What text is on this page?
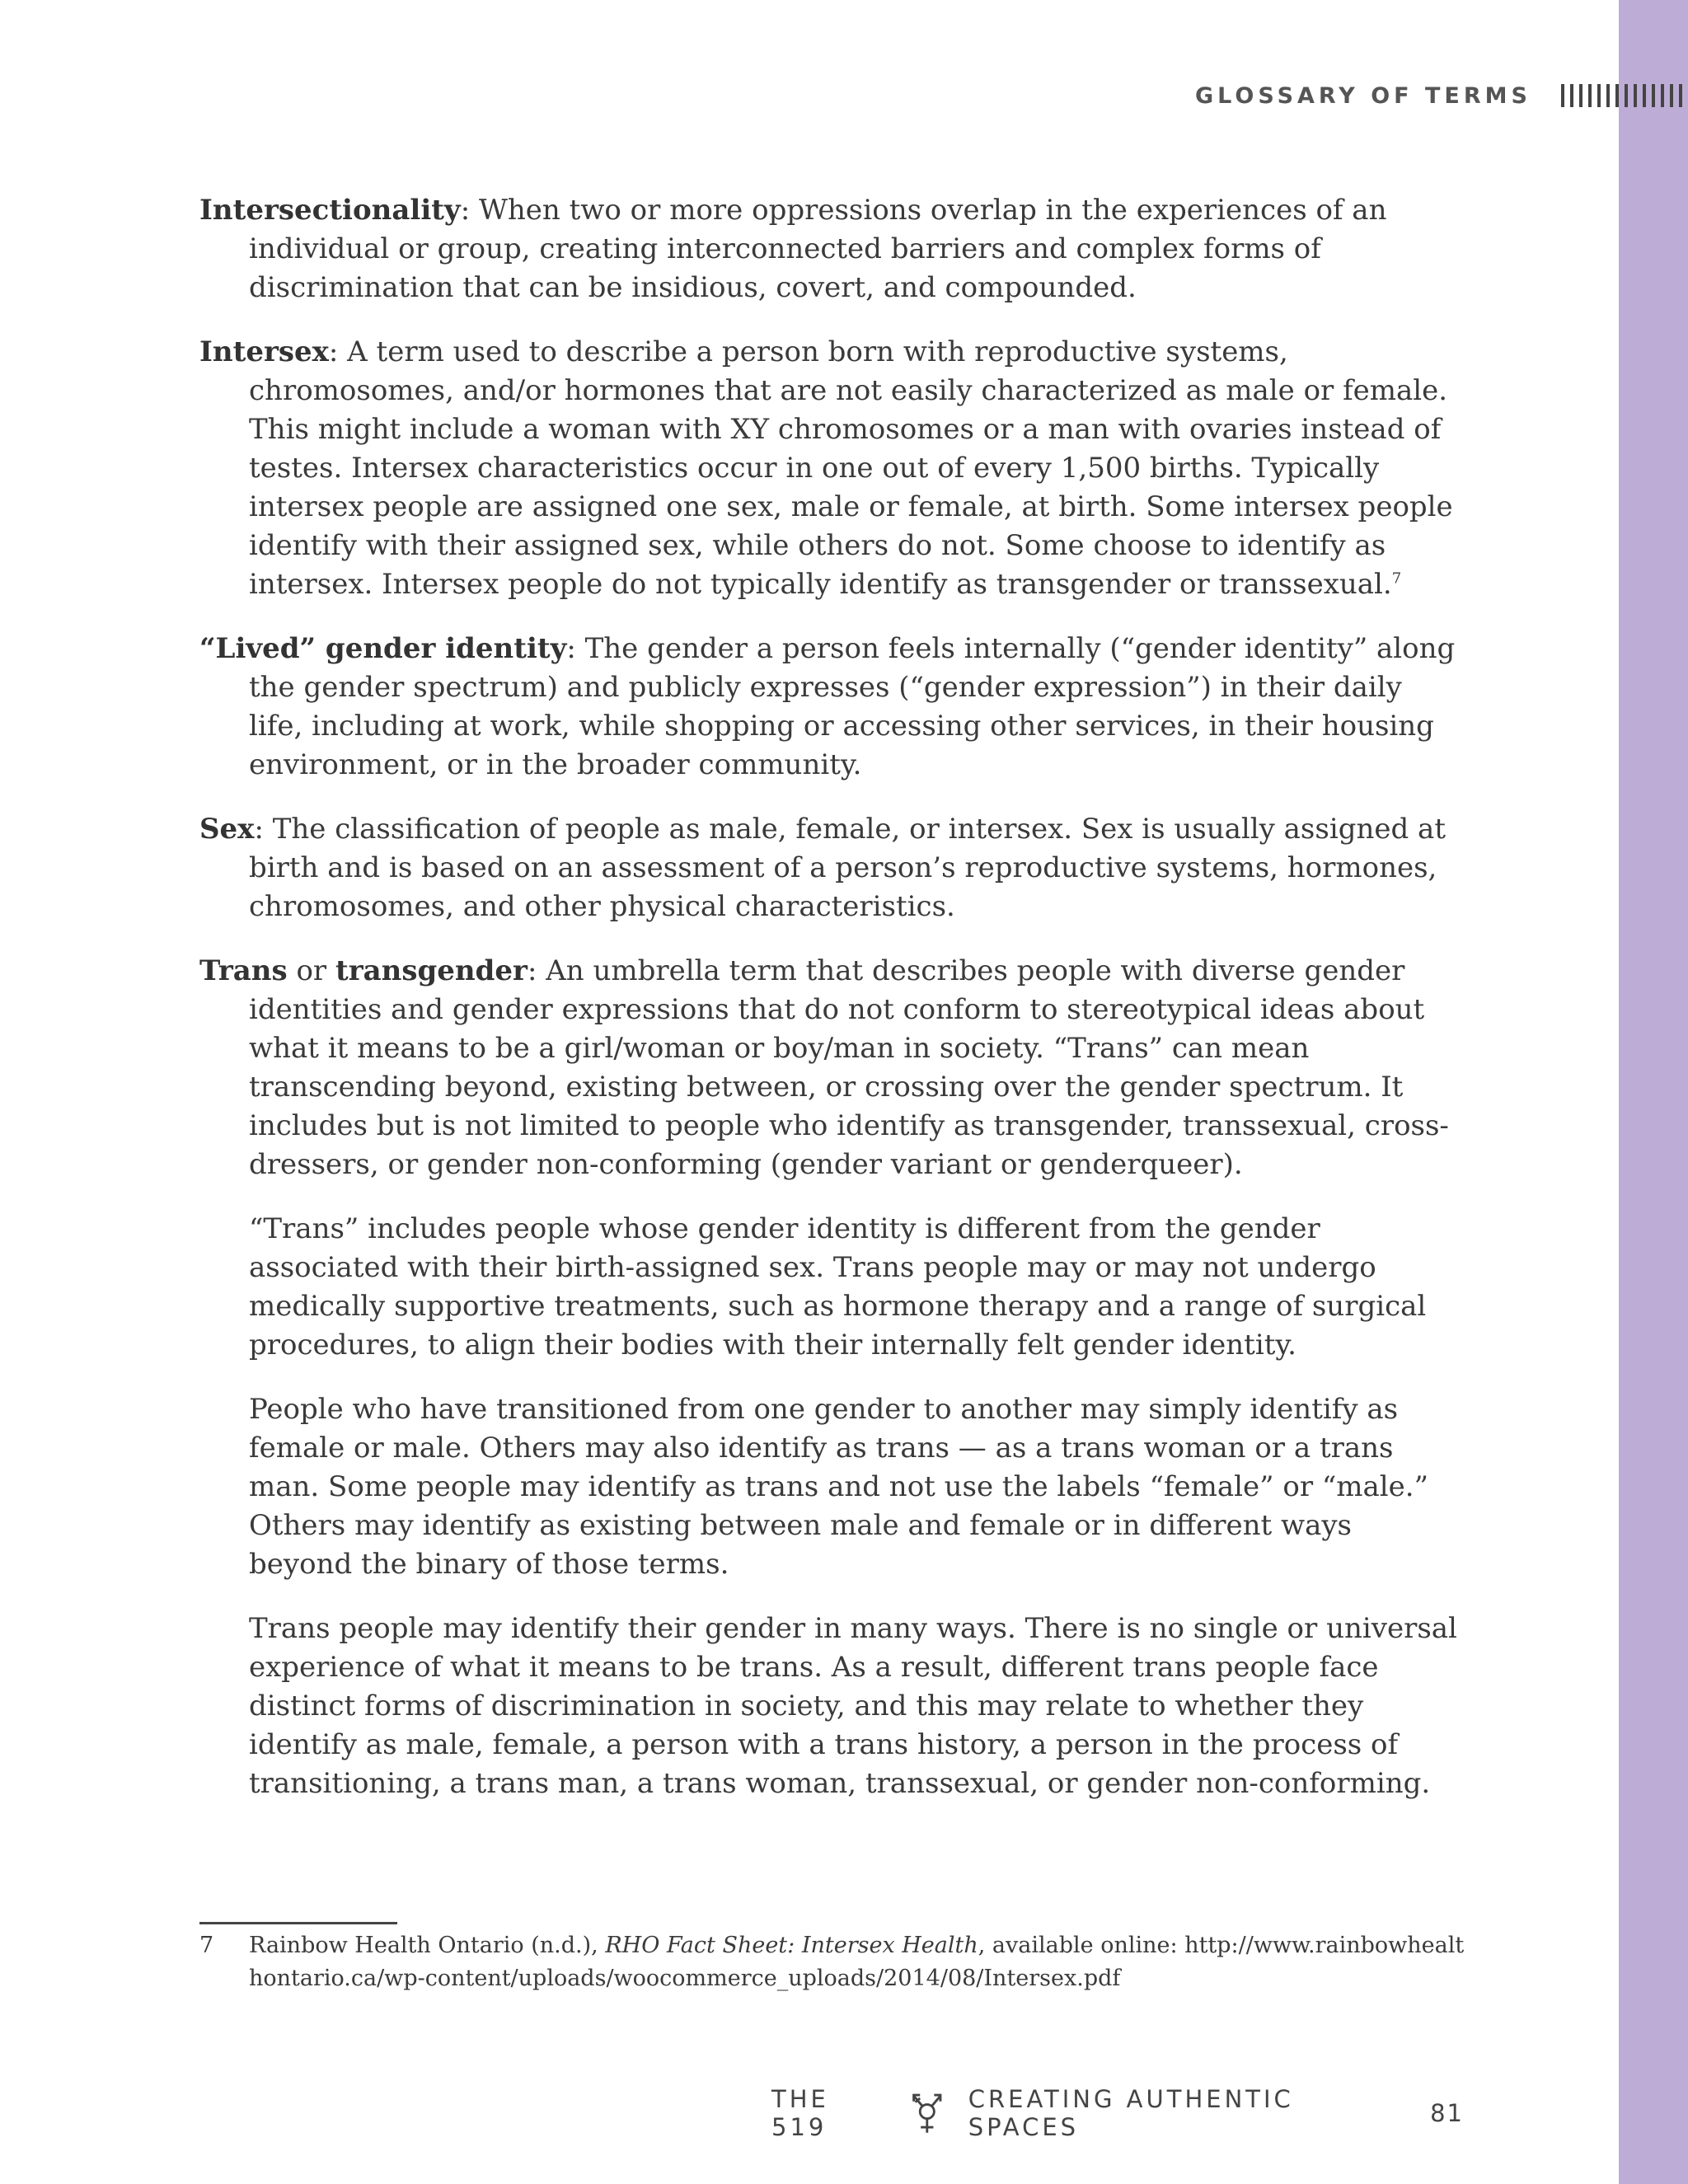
GLOSSARY OF TERMS

Intersectionality: When two or more oppressions overlap in the experiences of an individual or group, creating interconnected barriers and complex forms of discrimination that can be insidious, covert, and compounded.

Intersex: A term used to describe a person born with reproductive systems, chromosomes, and/or hormones that are not easily characterized as male or female. This might include a woman with XY chromosomes or a man with ovaries instead of testes. Intersex characteristics occur in one out of every 1,500 births. Typically intersex people are assigned one sex, male or female, at birth. Some intersex people identify with their assigned sex, while others do not. Some choose to identify as intersex. Intersex people do not typically identify as transgender or transsexual.$^7$

“Lived” gender identity: The gender a person feels internally (“gender identity” along the gender spectrum) and publicly expresses (“gender expression”) in their daily life, including at work, while shopping or accessing other services, in their housing environment, or in the broader community.

Sex: The classification of people as male, female, or intersex. Sex is usually assigned at birth and is based on an assessment of a person’s reproductive systems, hormones, chromosomes, and other physical characteristics.

Trans or transgender: An umbrella term that describes people with diverse gender identities and gender expressions that do not conform to stereotypical ideas about what it means to be a girl/woman or boy/man in society. “Trans” can mean transcending beyond, existing between, or crossing over the gender spectrum. It includes but is not limited to people who identify as transgender, transsexual, cross-dressers, or gender non-conforming (gender variant or genderqueer).

“Trans” includes people whose gender identity is different from the gender associated with their birth-assigned sex. Trans people may or may not undergo medically supportive treatments, such as hormone therapy and a range of surgical procedures, to align their bodies with their internally felt gender identity.

People who have transitioned from one gender to another may simply identify as female or male. Others may also identify as trans — as a trans woman or a trans man. Some people may identify as trans and not use the labels “female” or “male.” Others may identify as existing between male and female or in different ways beyond the binary of those terms.

Trans people may identify their gender in many ways. There is no single or universal experience of what it means to be trans. As a result, different trans people face distinct forms of discrimination in society, and this may relate to whether they identify as male, female, a person with a trans history, a person in the process of transitioning, a trans man, a trans woman, transsexual, or gender non-conforming.

7	Rainbow Health Ontario (n.d.), RHO Fact Sheet: Intersex Health, available online: http://www.rainbowhealthontario.ca/wp-content/uploads/woocommerce_uploads/2014/08/Intersex.pdf

THE 519
CREATING AUTHENTIC SPACES	81
